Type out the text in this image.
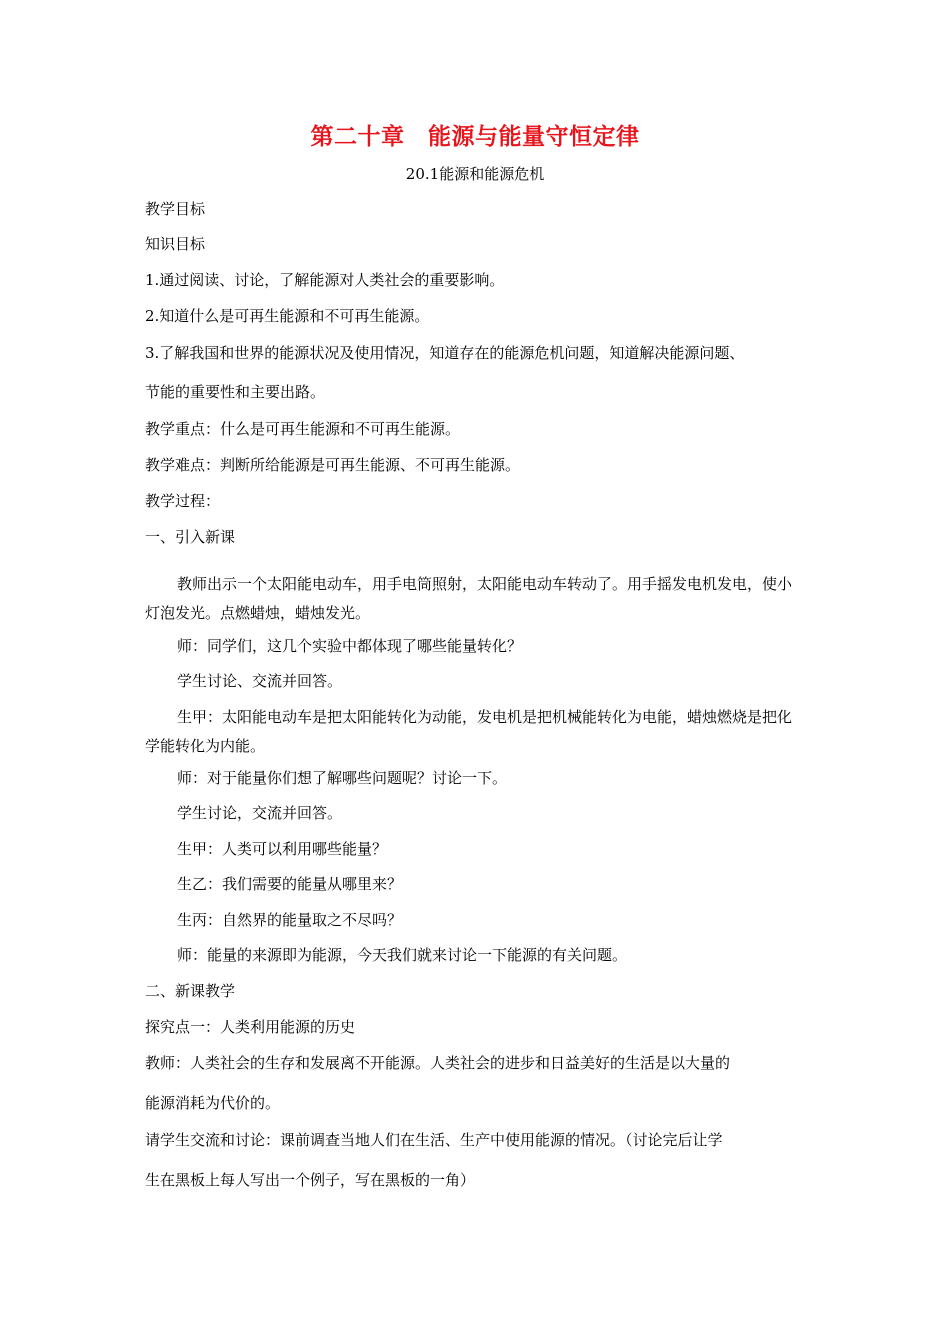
第二十章　能源与能量守恒定律
20.1能源和能源危机
教学目标
知识目标
1.通过阅读、讨论，了解能源对人类社会的重要影响。
2.知道什么是可再生能源和不可再生能源。
3.了解我国和世界的能源状况及使用情况，知道存在的能源危机问题，知道解决能源问题、
节能的重要性和主要出路。
教学重点：什么是可再生能源和不可再生能源。
教学难点：判断所给能源是可再生能源、不可再生能源。
教学过程：
一、引入新课
教师出示一个太阳能电动车，用手电筒照射，太阳能电动车转动了。用手摇发电机发电，使小灯泡发光。点燃蜡烛，蜡烛发光。
师：同学们，这几个实验中都体现了哪些能量转化？
学生讨论、交流并回答。
生甲：太阳能电动车是把太阳能转化为动能，发电机是把机械能转化为电能，蜡烛燃烧是把化学能转化为内能。
师：对于能量你们想了解哪些问题呢？讨论一下。
学生讨论，交流并回答。
生甲：人类可以利用哪些能量？
生乙：我们需要的能量从哪里来？
生丙：自然界的能量取之不尽吗？
师：能量的来源即为能源，今天我们就来讨论一下能源的有关问题。
二、新课教学
探究点一：人类利用能源的历史
教师：人类社会的生存和发展离不开能源。人类社会的进步和日益美好的生活是以大量的
能源消耗为代价的。
请学生交流和讨论：课前调查当地人们在生活、生产中使用能源的情况。（讨论完后让学
生在黑板上每人写出一个例子，写在黑板的一角）
